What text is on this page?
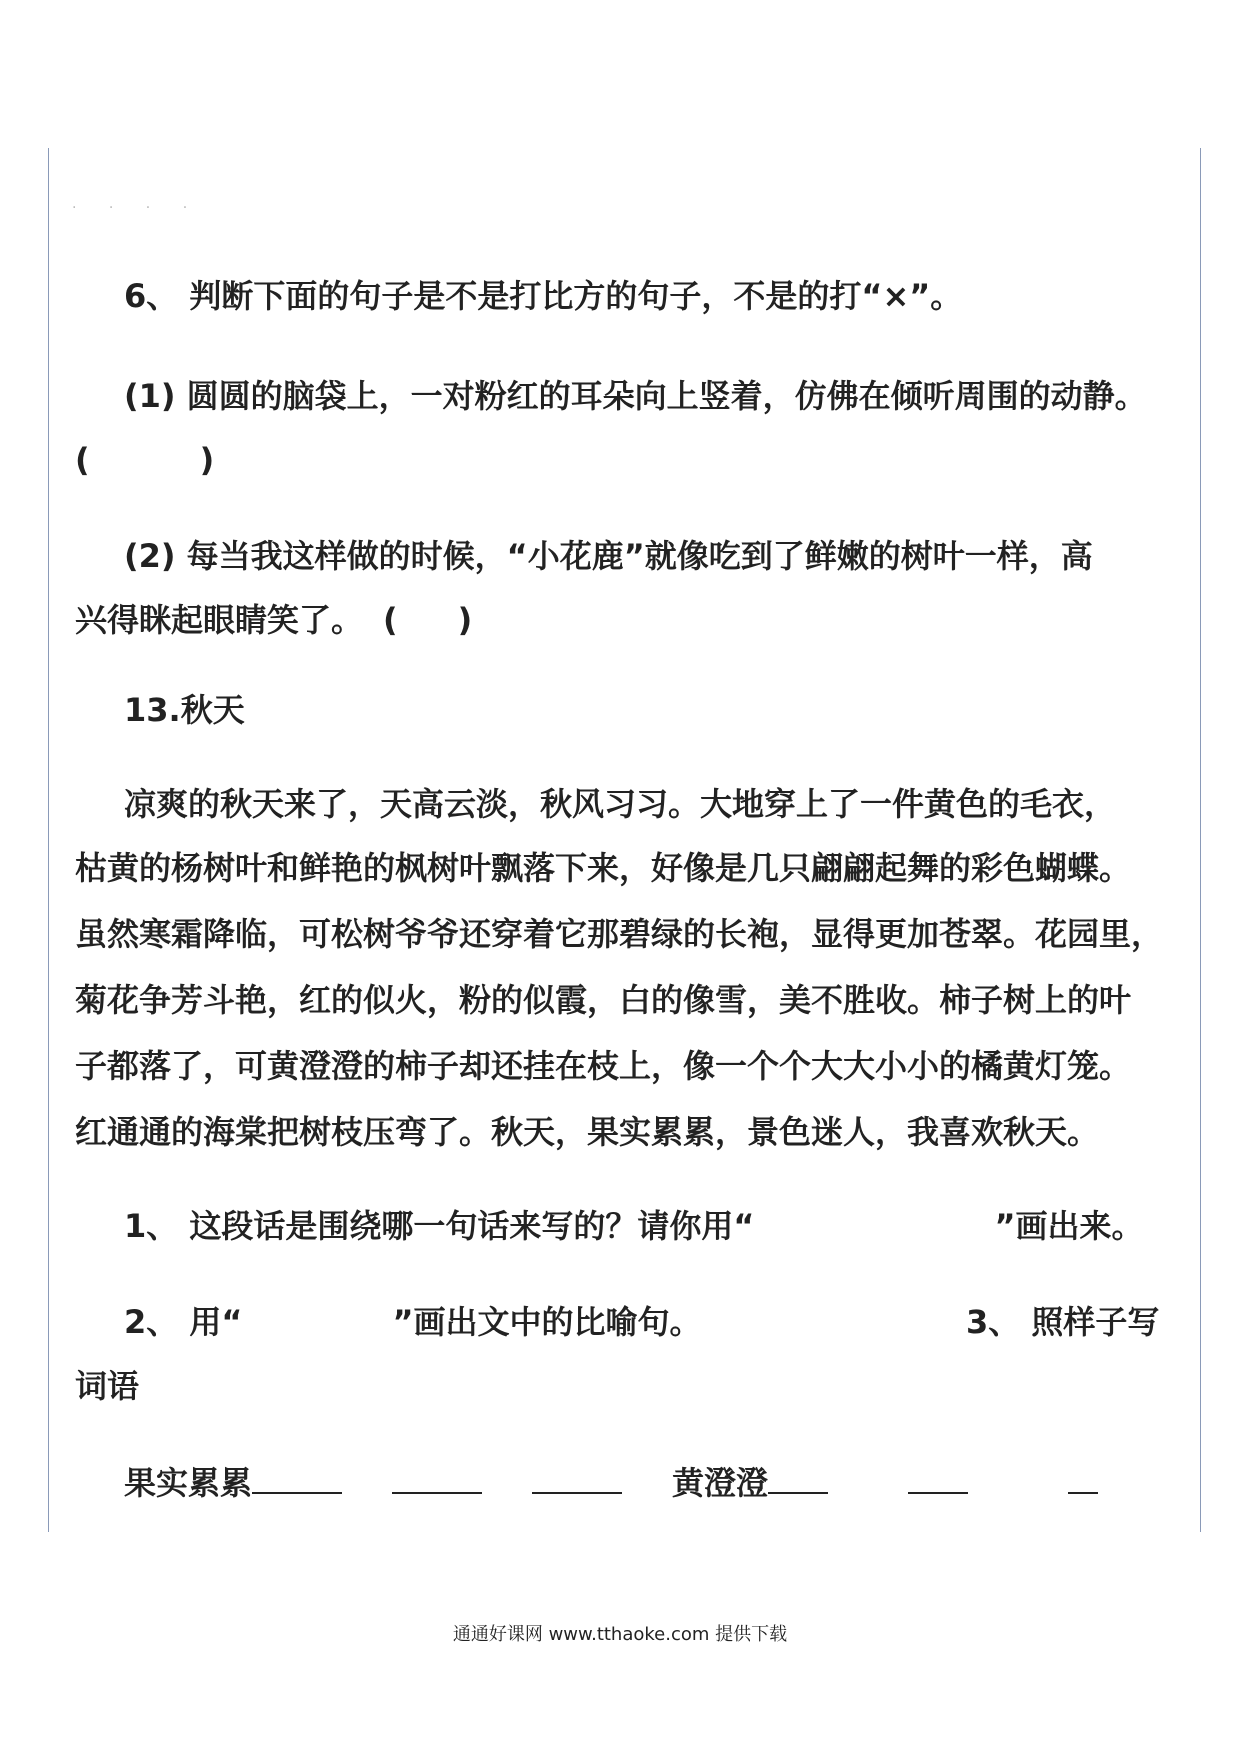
· · · ·
6、 判断下面的句子是不是打比方的句子，不是的打“×”。
(1) 圆圆的脑袋上，一对粉红的耳朵向上竖着，仿佛在倾听周围的动静。
(	)
(2) 每当我这样做的时候，“小花鹿”就像吃到了鲜嫩的树叶一样，高
兴得眯起眼睛笑了。 ( )
13.秋天
凉爽的秋天来了，天高云淡，秋风习习。大地穿上了一件黄色的毛衣，
枯黄的杨树叶和鲜艳的枫树叶飘落下来，好像是几只翩翩起舞的彩色蝴蝶。
虽然寒霜降临，可松树爷爷还穿着它那碧绿的长袍，显得更加苍翠。花园里，
菊花争芳斗艳，红的似火，粉的似霞，白的像雪，美不胜收。柿子树上的叶
子都落了，可黄澄澄的柿子却还挂在枝上，像一个个大大小小的橘黄灯笼。
红通通的海棠把树枝压弯了。秋天，果实累累，景色迷人，我喜欢秋天。
1、 这段话是围绕哪一句话来写的？请你用“	”画出来。
2、 用“	”画出文中的比喻句。	3、 照样子写
词语
果实累累	黄澄澄
通通好课网 www.tthaoke.com 提供下载
